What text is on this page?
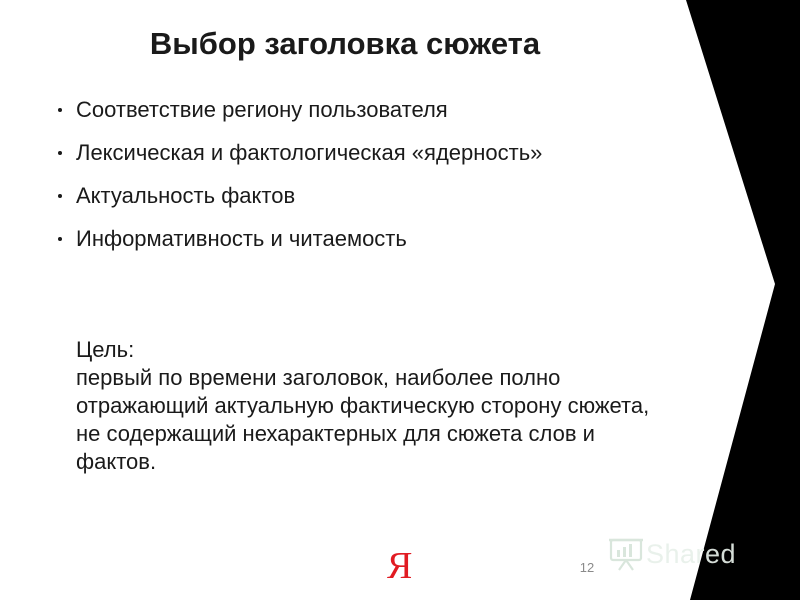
Выбор заголовка сюжета
Соответствие региону пользователя
Лексическая и фактологическая «ядерность»
Актуальность фактов
Информативность и читаемость

Цель:

первый по времени заголовок, наиболее полно отражающий актуальную фактическую сторону сюжета, не содержащий нехарактерных для сюжета слов и фактов.

Я	12 Shared
